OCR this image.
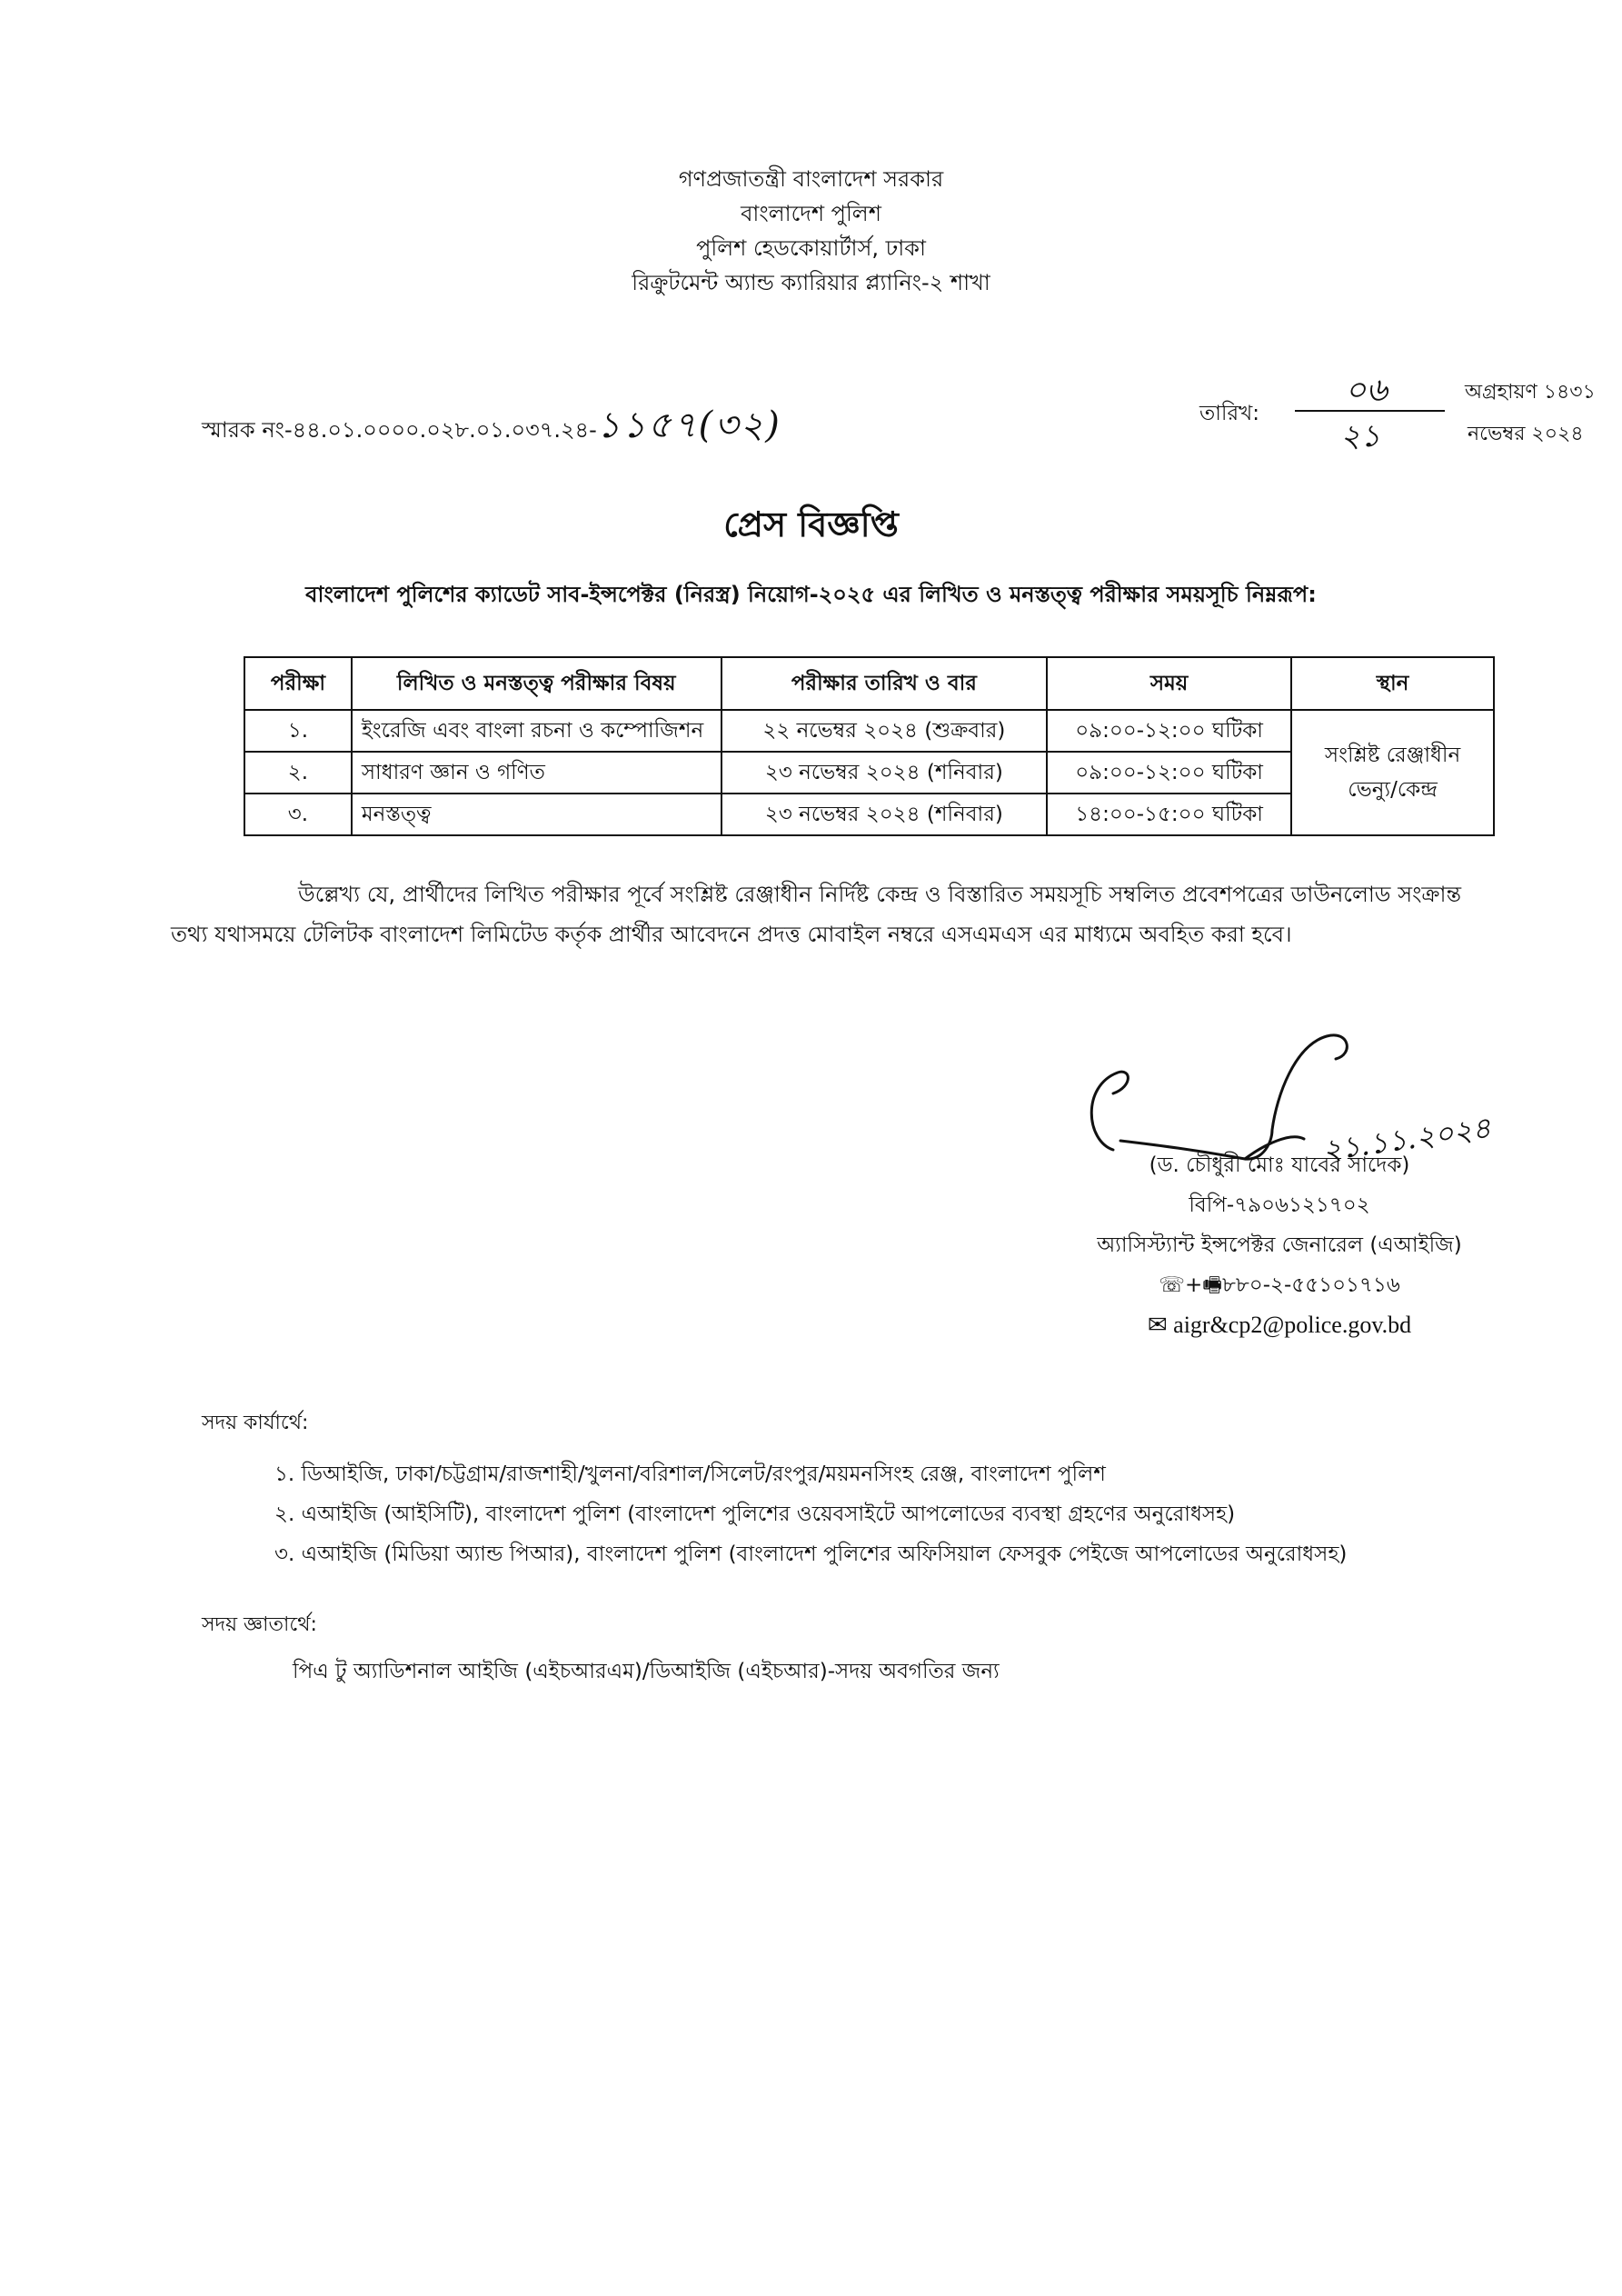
গণপ্রজাতন্ত্রী বাংলাদেশ সরকার
বাংলাদেশ পুলিশ
পুলিশ হেডকোয়ার্টার্স, ঢাকা
রিক্রুটমেন্ট অ্যান্ড ক্যারিয়ার প্ল্যানিং-২ শাখা
স্মারক নং-৪৪.০১.০০০০.০২৮.০১.০৩৭.২৪-১১৫৭(৩২)	তারিখ:
০৬
২১
অগ্রহায়ণ ১৪৩১
নভেম্বর ২০২৪
প্রেস বিজ্ঞপ্তি
বাংলাদেশ পুলিশের ক্যাডেট সাব-ইন্সপেক্টর (নিরস্ত্র) নিয়োগ-২০২৫ এর লিখিত ও মনস্তত্ত্ব পরীক্ষার সময়সূচি নিম্নরূপ:
পরীক্ষা	লিখিত ও মনস্তত্ত্ব পরীক্ষার বিষয়	পরীক্ষার তারিখ ও বার	সময়	স্থান
১.	ইংরেজি এবং বাংলা রচনা ও কম্পোজিশন	২২ নভেম্বর ২০২৪ (শুক্রবার)	০৯:০০-১২:০০ ঘটিকা	সংশ্লিষ্ট রেঞ্জাধীন
ভেন্যু/কেন্দ্র
২.	সাধারণ জ্ঞান ও গণিত	২৩ নভেম্বর ২০২৪ (শনিবার)	০৯:০০-১২:০০ ঘটিকা	
৩.	মনস্তত্ত্ব	২৩ নভেম্বর ২০২৪ (শনিবার)	১৪:০০-১৫:০০ ঘটিকা	
উল্লেখ্য যে, প্রার্থীদের লিখিত পরীক্ষার পূর্বে সংশ্লিষ্ট রেঞ্জাধীন নির্দিষ্ট কেন্দ্র ও বিস্তারিত সময়সূচি সম্বলিত প্রবেশপত্রের ডাউনলোড সংক্রান্ত তথ্য যথাসময়ে টেলিটক বাংলাদেশ লিমিটেড কর্তৃক প্রার্থীর আবেদনে প্রদত্ত মোবাইল নম্বরে এসএমএস এর মাধ্যমে অবহিত করা হবে।
২১.১১.২০২৪
(ড. চৌধুরী মোঃ যাবের সাদেক)
বিপি-৭৯০৬১২১৭০২
অ্যাসিস্ট্যান্ট ইন্সপেক্টর জেনারেল (এআইজি)
☏+🖷৮৮০-২-৫৫১০১৭১৬
✉ aigr&cp2@police.gov.bd
সদয় কার্যার্থে:
১. ডিআইজি, ঢাকা/চট্টগ্রাম/রাজশাহী/খুলনা/বরিশাল/সিলেট/রংপুর/ময়মনসিংহ রেঞ্জ, বাংলাদেশ পুলিশ
২. এআইজি (আইসিটি), বাংলাদেশ পুলিশ (বাংলাদেশ পুলিশের ওয়েবসাইটে আপলোডের ব্যবস্থা গ্রহণের অনুরোধসহ)
৩. এআইজি (মিডিয়া অ্যান্ড পিআর), বাংলাদেশ পুলিশ (বাংলাদেশ পুলিশের অফিসিয়াল ফেসবুক পেইজে আপলোডের অনুরোধসহ)
সদয় জ্ঞাতার্থে:
পিএ টু অ্যাডিশনাল আইজি (এইচআরএম)/ডিআইজি (এইচআর)-সদয় অবগতির জন্য
